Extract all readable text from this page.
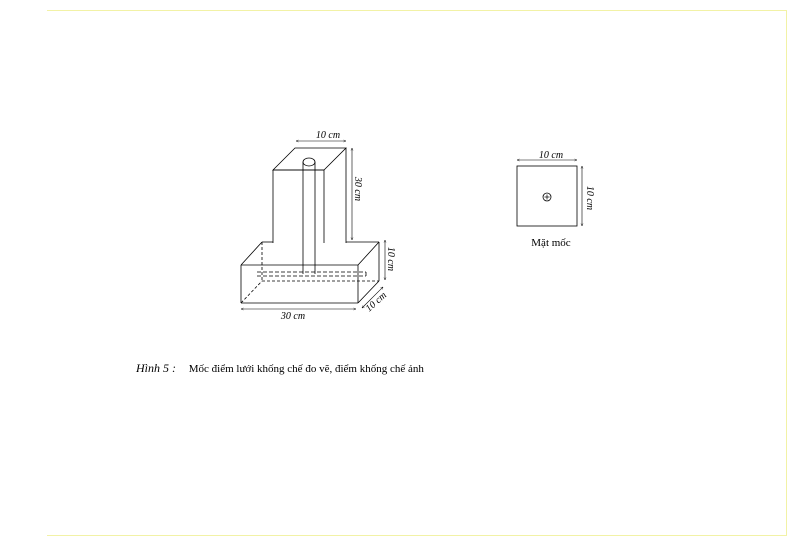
10 cm
30 cm
10 cm
10 cm
30 cm
10 cm
10 cm
Mặt mốc
Hình 5 : Mốc điểm lưới khống chế đo vẽ, điểm khống chế ảnh
